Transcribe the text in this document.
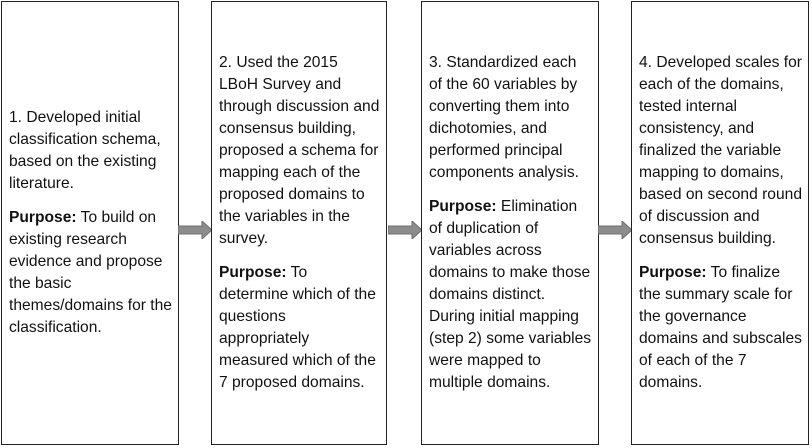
1. Developed initial classification schema, based on the existing literature.

Purpose: To build on existing research evidence and propose the basic themes/domains for the classification.

2. Used the 2015 LBoH Survey and through discussion and consensus building, proposed a schema for mapping each of the proposed domains to the variables in the survey.

Purpose: To determine which of the questions appropriately measured which of the 7 proposed domains.

3. Standardized each of the 60 variables by converting them into dichotomies, and performed principal components analysis.

Purpose: Elimination of duplication of variables across domains to make those domains distinct. During initial mapping (step 2) some variables were mapped to multiple domains.

4. Developed scales for each of the domains, tested internal consistency, and finalized the variable mapping to domains, based on second round of discussion and consensus building.

Purpose: To finalize the summary scale for the governance domains and subscales of each of the 7 domains.
